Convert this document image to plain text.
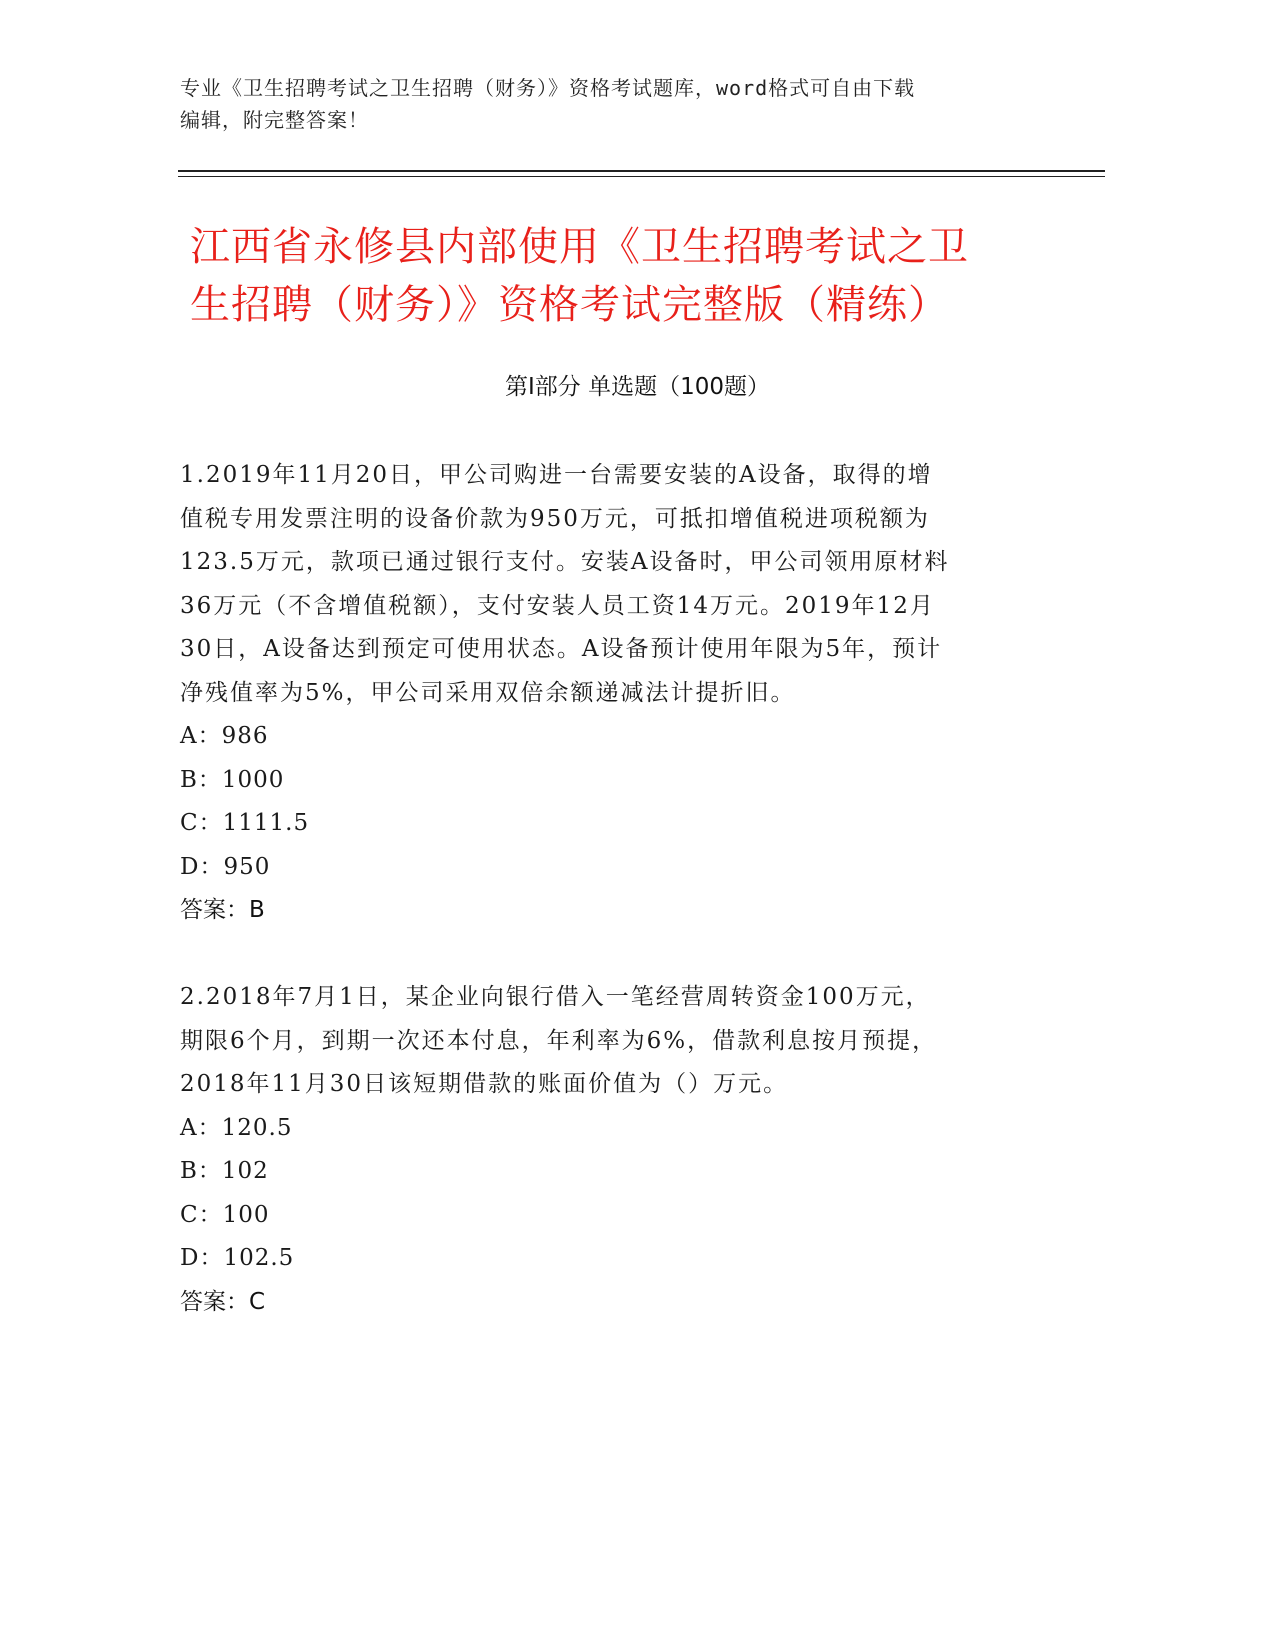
专业《卫生招聘考试之卫生招聘（财务）》资格考试题库，word格式可自由下载
编辑，附完整答案！
江西省永修县内部使用《卫生招聘考试之卫
生招聘（财务）》资格考试完整版（精练）
第Ⅰ部分 单选题（100题）
1.2019年11月20日，甲公司购进一台需要安装的A设备，取得的增
值税专用发票注明的设备价款为950万元，可抵扣增值税进项税额为
123.5万元，款项已通过银行支付。安装A设备时，甲公司领用原材料
36万元（不含增值税额），支付安装人员工资14万元。2019年12月
30日，A设备达到预定可使用状态。A设备预计使用年限为5年，预计
净残值率为5%，甲公司采用双倍余额递减法计提折旧。
A：986
B：1000
C：1111.5
D：950
答案：B
2.2018年7月1日，某企业向银行借入一笔经营周转资金100万元，
期限6个月，到期一次还本付息，年利率为6%，借款利息按月预提，
2018年11月30日该短期借款的账面价值为（）万元。
A：120.5
B：102
C：100
D：102.5
答案：C
